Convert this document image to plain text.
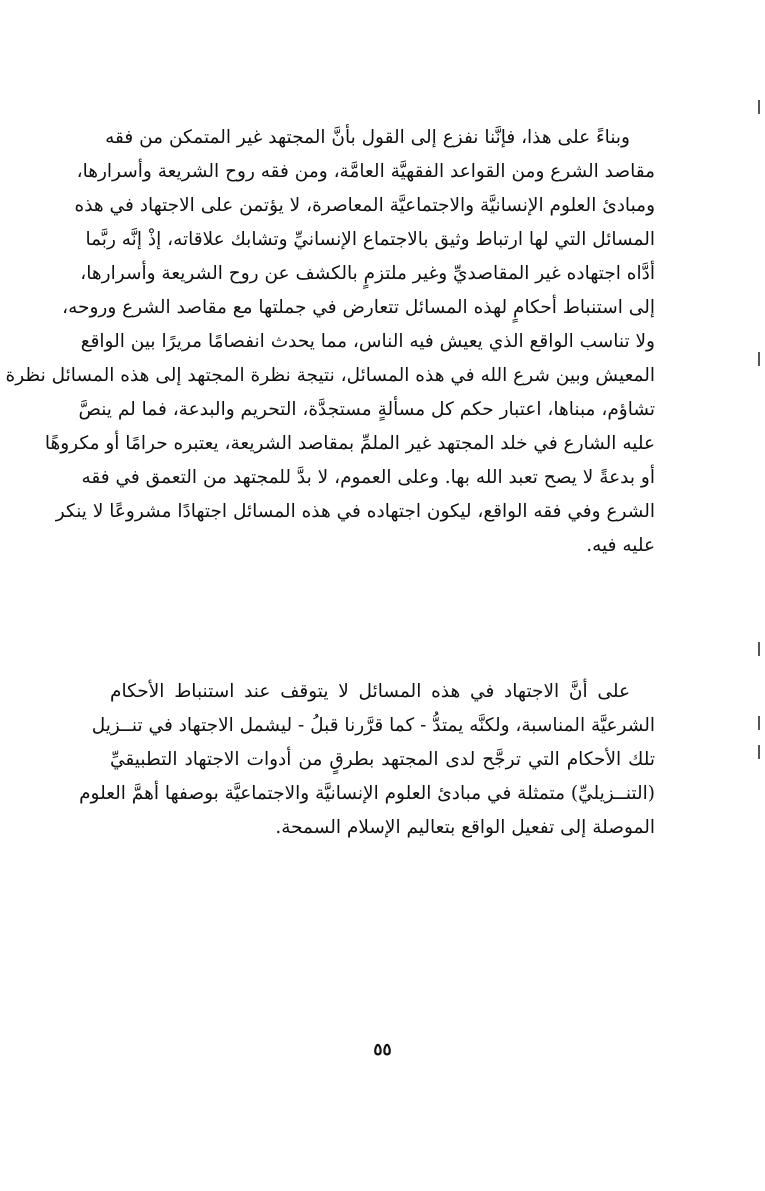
وبناءً على هذا، فإنَّنا نفزع إلى القول بأنَّ المجتهد غير المتمكن من فقه
مقاصد الشرع ومن القواعد الفقهيَّة العامَّة، ومن فقه روح الشريعة وأسرارها،
ومبادئ العلوم الإنسانيَّة والاجتماعيَّة المعاصرة، لا يؤتمن على الاجتهاد في هذه
المسائل التي لها ارتباط وثيق بالاجتماع الإنسانيِّ وتشابك علاقاته، إذْ إنَّه ربَّما
أدَّاه اجتهاده غير المقاصديِّ وغير ملتزمٍ بالكشف عن روح الشريعة وأسرارها،
إلى استنباط أحكامٍ لهذه المسائل تتعارض في جملتها مع مقاصد الشرع وروحه،
ولا تناسب الواقع الذي يعيش فيه الناس، مما يحدث انفصامًا مريرًا بين الواقع
المعيش وبين شرع الله في هذه المسائل، نتيجة نظرة المجتهد إلى هذه المسائل نظرة
تشاؤم، مبناها، اعتبار حكم كل مسألةٍ مستجدَّة، التحريم والبدعة، فما لم ينصَّ
عليه الشارع في خلد المجتهد غير الملمِّ بمقاصد الشريعة، يعتبره حرامًا أو مكروهًا
أو بدعةً لا يصح تعبد الله بها. وعلى العموم، لا بدَّ للمجتهد من التعمق في فقه
الشرع وفي فقه الواقع، ليكون اجتهاده في هذه المسائل اجتهادًا مشروعًا لا ينكر
عليه فيه.
على أنَّ الاجتهاد في هذه المسائل لا يتوقف عند استنباط الأحكام
الشرعيَّة المناسبة، ولكنَّه يمتدُّ - كما قرَّرنا قبلُ - ليشمل الاجتهاد في تنــزيل
تلك الأحكام التي ترجَّح لدى المجتهد بطرقٍ من أدوات الاجتهاد التطبيقيِّ
(التنــزيليِّ) متمثلة في مبادئ العلوم الإنسانيَّة والاجتماعيَّة بوصفها أهمَّ العلوم
الموصلة إلى تفعيل الواقع بتعاليم الإسلام السمحة.
٥٥
